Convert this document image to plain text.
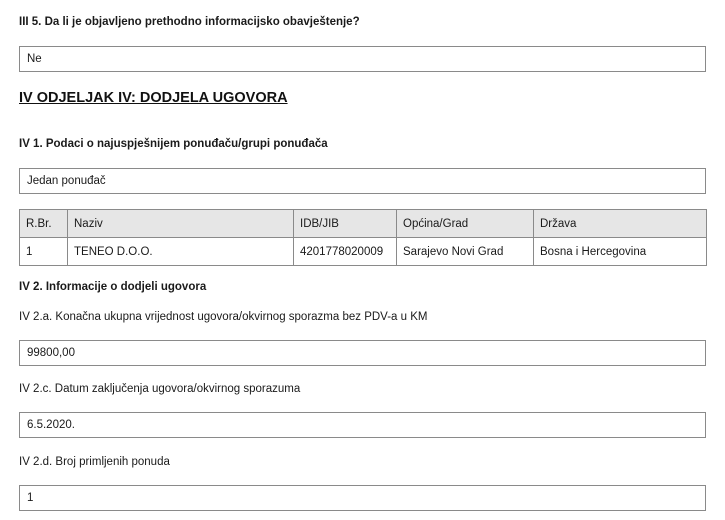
III 5. Da li je objavljeno prethodno informacijsko obavještenje?
Ne
IV ODJELJAK IV: DODJELA UGOVORA
IV 1. Podaci o najuspješnijem ponuđaču/grupi ponuđača
Jedan ponuđač
R.Br.	Naziv	IDB/JIB	Općina/Grad	Država
1	TENEO D.O.O.	4201778020009	Sarajevo Novi Grad	Bosna i Hercegovina
IV 2. Informacije o dodjeli ugovora
IV 2.a. Konačna ukupna vrijednost ugovora/okvirnog sporazma bez PDV-a u KM
99800,00
IV 2.c. Datum zaključenja ugovora/okvirnog sporazuma
6.5.2020.
IV 2.d. Broj primljenih ponuda
1
